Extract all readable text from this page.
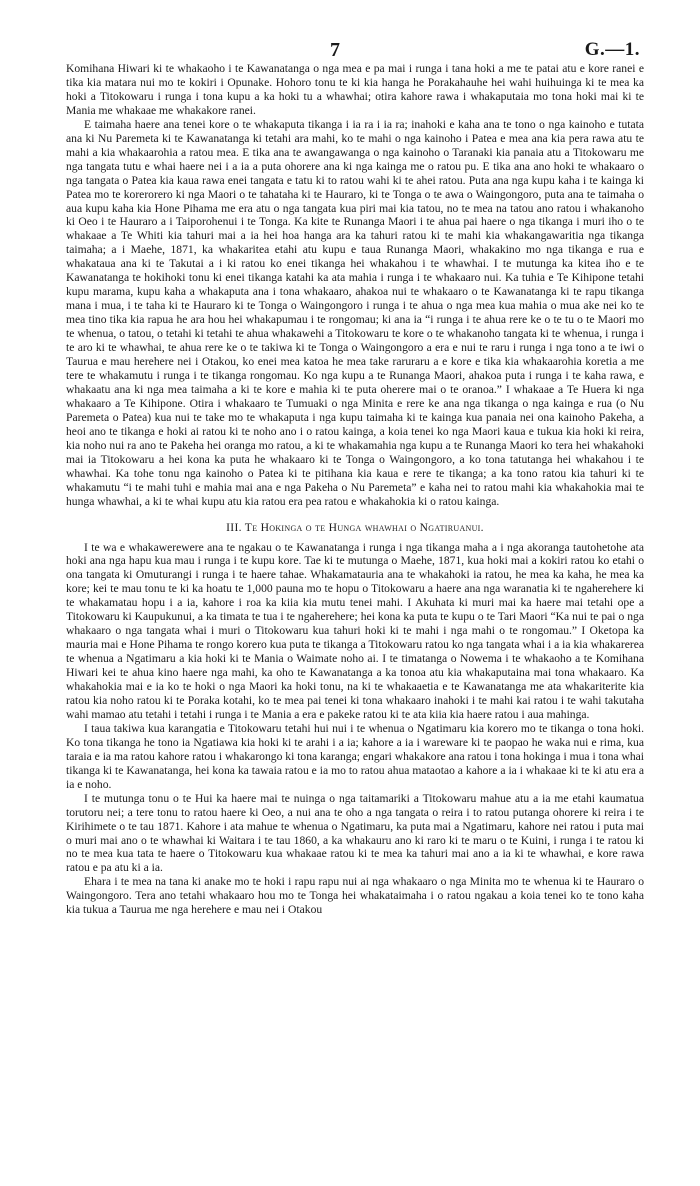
7	G.—1.

Komihana Hiwari ki te whakaoho i te Kawanatanga o nga mea e pa mai i runga i tana hoki a me te patai atu e kore ranei e tika kia matara nui mo te kokiri i Opunake. Hohoro tonu te ki kia hanga he Porakahauhe hei wahi huihuinga ki te mea ka hoki a Titokowaru i runga i tona kupu a ka hoki tu a whawhai; otira kahore rawa i whakaputaia mo tona hoki mai ki te Mania me whakaae me whakakore ranei.

E taimaha haere ana tenei kore o te whakaputa tikanga i ia ra i ia ra; inahoki e kaha ana te tono o nga kainoho e tutata ana ki Nu Paremeta ki te Kawanatanga ki tetahi ara mahi, ko te mahi o nga kainoho i Patea e mea ana kia pera rawa atu te mahi a kia whakaarohia a ratou mea. E tika ana te awangawanga o nga kainoho o Taranaki kia panaia atu a Titokowaru me nga tangata tutu e whai haere nei i a ia a puta ohorere ana ki nga kainga me o ratou pu. E tika ana ano hoki te whakaaro o nga tangata o Patea kia kaua rawa enei tangata e tatu ki to ratou wahi ki te ahei ratou. Puta ana nga kupu kaha i te kainga ki Patea mo te korerorero ki nga Maori o te tahataha ki te Hauraro, ki te Tonga o te awa o Waingongoro, puta ana te taimaha o aua kupu kaha kia Hone Pihama me era atu o nga tangata kua piri mai kia tatou, no te mea na tatou ano ratou i whakanoho ki Oeo i te Hauraro a i Taiporohenui i te Tonga. Ka kite te Runanga Maori i te ahua pai haere o nga tikanga i muri iho o te whakaae a Te Whiti kia tahuri mai a ia hei hoa hanga ara ka tahuri ratou ki te mahi kia whakangawaritia nga tikanga taimaha; a i Maehe, 1871, ka whakaritea etahi atu kupu e taua Runanga Maori, whakakino mo nga tikanga e rua e whakataua ana ki te Takutai a i ki ratou ko enei tikanga hei whakahou i te whawhai. I te mutunga ka kitea iho e te Kawanatanga te hokihoki tonu ki enei tikanga katahi ka ata mahia i runga i te whakaaro nui. Ka tuhia e Te Kihipone tetahi kupu marama, kupu kaha a whakaputa ana i tona whakaaro, ahakoa nui te whakaaro o te Kawanatanga ki te rapu tikanga mana i mua, i te taha ki te Hauraro ki te Tonga o Waingongoro i runga i te ahua o nga mea kua mahia o mua ake nei ko te mea tino tika kia rapua he ara hou hei whakapumau i te rongomau; ki ana ia “i runga i te ahua rere ke o te tu o te Maori mo te whenua, o tatou, o tetahi ki tetahi te ahua whakawehi a Titokowaru te kore o te whakanoho tangata ki te whenua, i runga i te aro ki te whawhai, te ahua rere ke o te takiwa ki te Tonga o Waingongoro a era e nui te raru i runga i nga tono a te iwi o Taurua e mau herehere nei i Otakou, ko enei mea katoa he mea take raruraru a e kore e tika kia whakaarohia koretia a me tere te whakamutu i runga i te tikanga rongomau. Ko nga kupu a te Runanga Maori, ahakoa puta i runga i te kaha rawa, e whakaatu ana ki nga mea taimaha a ki te kore e mahia ki te puta oherere mai o te oranoa.” I whakaae a Te Huera ki nga whakaaro a Te Kihipone. Otira i whakaaro te Tumuaki o nga Minita e rere ke ana nga tikanga o nga kainga e rua (o Nu Paremeta o Patea) kua nui te take mo te whakaputa i nga kupu taimaha ki te kainga kua panaia nei ona kainoho Pakeha, a heoi ano te tikanga e hoki ai ratou ki te noho ano i o ratou kainga, a koia tenei ko nga Maori kaua e tukua kia hoki ki reira, kia noho nui ra ano te Pakeha hei oranga mo ratou, a ki te whakamahia nga kupu a te Runanga Maori ko tera hei whakahoki mai ia Titokowaru a hei kona ka puta he whakaaro ki te Tonga o Waingongoro, a ko tona tatutanga hei whakahou i te whawhai. Ka tohe tonu nga kainoho o Patea ki te pitihana kia kaua e rere te tikanga; a ka tono ratou kia tahuri ki te whakamutu “i te mahi tuhi e mahia mai ana e nga Pakeha o Nu Paremeta” e kaha nei to ratou mahi kia whakahokia mai te hunga whawhai, a ki te whai kupu atu kia ratou era pea ratou e whakahokia ki o ratou kainga.

III. Te Hokinga o te Hunga whawhai o Ngatiruanui.

I te wa e whakawerewere ana te ngakau o te Kawanatanga i runga i nga tikanga maha a i nga akoranga tautohetohe ata hoki ana nga hapu kua mau i runga i te kupu kore. Tae ki te mutunga o Maehe, 1871, kua hoki mai a kokiri ratou ko etahi o ona tangata ki Omuturangi i runga i te haere tahae. Whakamatauria ana te whakahoki ia ratou, he mea ka kaha, he mea ka kore; kei te mau tonu te ki ka hoatu te 1,000 pauna mo te hopu o Titokowaru a haere ana nga waranatia ki te ngaherehere ki te whakamatau hopu i a ia, kahore i roa ka kiia kia mutu tenei mahi. I Akuhata ki muri mai ka haere mai tetahi ope a Titokowaru ki Kaupukunui, a ka timata te tua i te ngaherehere; hei kona ka puta te kupu o te Tari Maori “Ka nui te pai o nga whakaaro o nga tangata whai i muri o Titokowaru kua tahuri hoki ki te mahi i nga mahi o te rongomau.” I Oketopa ka mauria mai e Hone Pihama te rongo korero kua puta te tikanga a Titokowaru ratou ko nga tangata whai i a ia kia whakarerea te whenua a Ngatimaru a kia hoki ki te Mania o Waimate noho ai. I te timatanga o Nowema i te whakaoho a te Komihana Hiwari kei te ahua kino haere nga mahi, ka oho te Kawanatanga a ka tonoa atu kia whakaputaina mai tona whakaaro. Ka whakahokia mai e ia ko te hoki o nga Maori ka hoki tonu, na ki te whakaaetia e te Kawanatanga me ata whakariterite kia ratou kia noho ratou ki te Poraka kotahi, ko te mea pai tenei ki tona whakaaro inahoki i te mahi kai ratou i te wahi takutaha wahi mamao atu tetahi i tetahi i runga i te Mania a era e pakeke ratou ki te ata kiia kia haere ratou i aua mahinga.

I taua takiwa kua karangatia e Titokowaru tetahi hui nui i te whenua o Ngatimaru kia korero mo te tikanga o tona hoki. Ko tona tikanga he tono ia Ngatiawa kia hoki ki te arahi i a ia; kahore a ia i wareware ki te paopao he waka nui e rima, kua taraia e ia ma ratou kahore ratou i whakarongo ki tona karanga; engari whakakore ana ratou i tona hokinga i mua i tona whai tikanga ki te Kawanatanga, hei kona ka tawaia ratou e ia mo to ratou ahua mataotao a kahore a ia i whakaae ki te ki atu era a ia e noho.

I te mutunga tonu o te Hui ka haere mai te nuinga o nga taitamariki a Titokowaru mahue atu a ia me etahi kaumatua torutoru nei; a tere tonu to ratou haere ki Oeo, a nui ana te oho a nga tangata o reira i to ratou putanga ohorere ki reira i te Kirihimete o te tau 1871. Kahore i ata mahue te whenua o Ngatimaru, ka puta mai a Ngatimaru, kahore nei ratou i puta mai o muri mai ano o te whawhai ki Waitara i te tau 1860, a ka whakauru ano ki raro ki te maru o te Kuini, i runga i te ratou ki no te mea kua tata te haere o Titokowaru kua whakaae ratou ki te mea ka tahuri mai ano a ia ki te whawhai, e kore rawa ratou e pa atu ki a ia.

Ehara i te mea na tana ki anake mo te hoki i rapu rapu nui ai nga whakaaro o nga Minita mo te whenua ki te Hauraro o Waingongoro. Tera ano tetahi whakaaro hou mo te Tonga hei whakataimaha i o ratou ngakau a koia tenei ko te tono kaha kia tukua a Taurua me nga herehere e mau nei i Otakou
